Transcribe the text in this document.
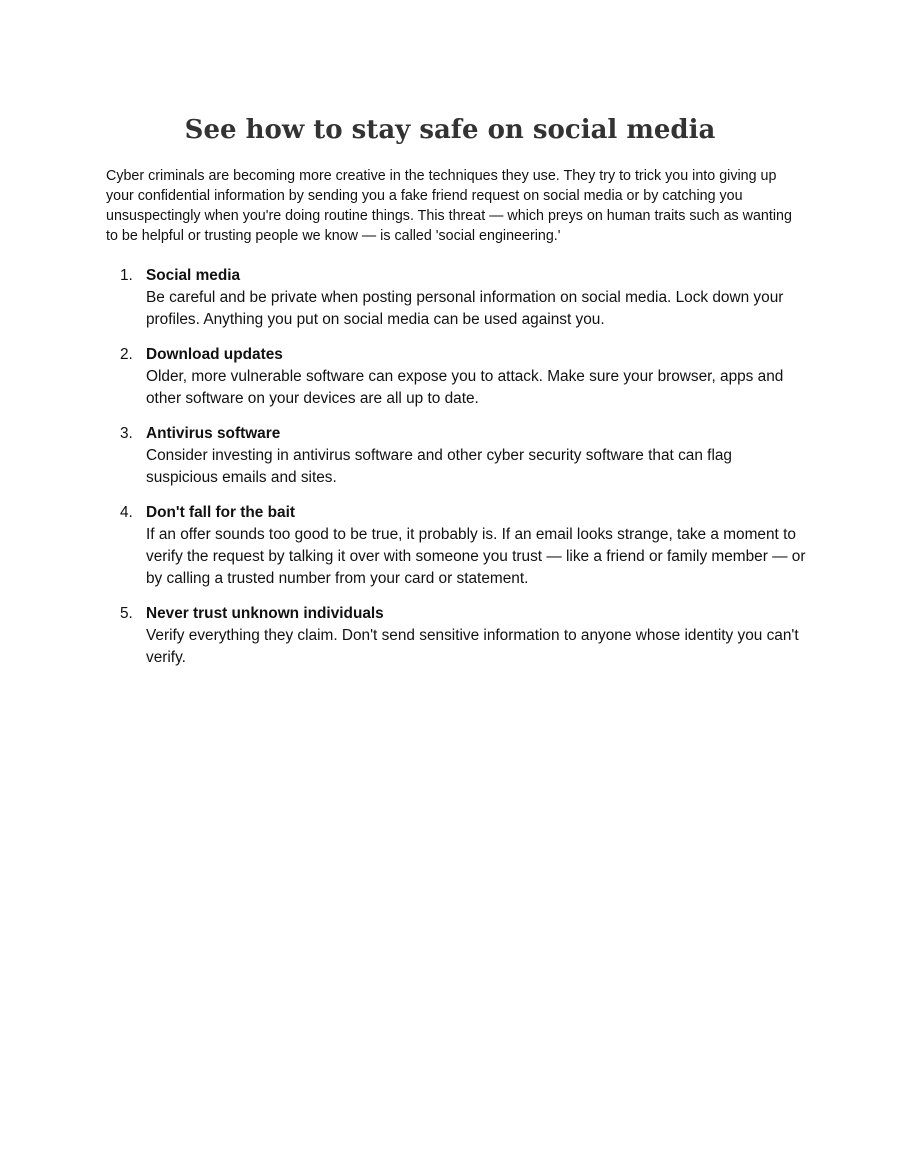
See how to stay safe on social media

Cyber criminals are becoming more creative in the techniques they use. They try to trick you into giving up your confidential information by sending you a fake friend request on social media or by catching you unsuspectingly when you're doing routine things. This threat — which preys on human traits such as wanting to be helpful or trusting people we know — is called 'social engineering.'

1. Social media
Be careful and be private when posting personal information on social media. Lock down your profiles. Anything you put on social media can be used against you.
2. Download updates
Older, more vulnerable software can expose you to attack. Make sure your browser, apps and other software on your devices are all up to date.
3. Antivirus software
Consider investing in antivirus software and other cyber security software that can flag suspicious emails and sites.
4. Don't fall for the bait
If an offer sounds too good to be true, it probably is. If an email looks strange, take a moment to verify the request by talking it over with someone you trust — like a friend or family member — or by calling a trusted number from your card or statement.
5. Never trust unknown individuals
Verify everything they claim. Don't send sensitive information to anyone whose identity you can't verify.
